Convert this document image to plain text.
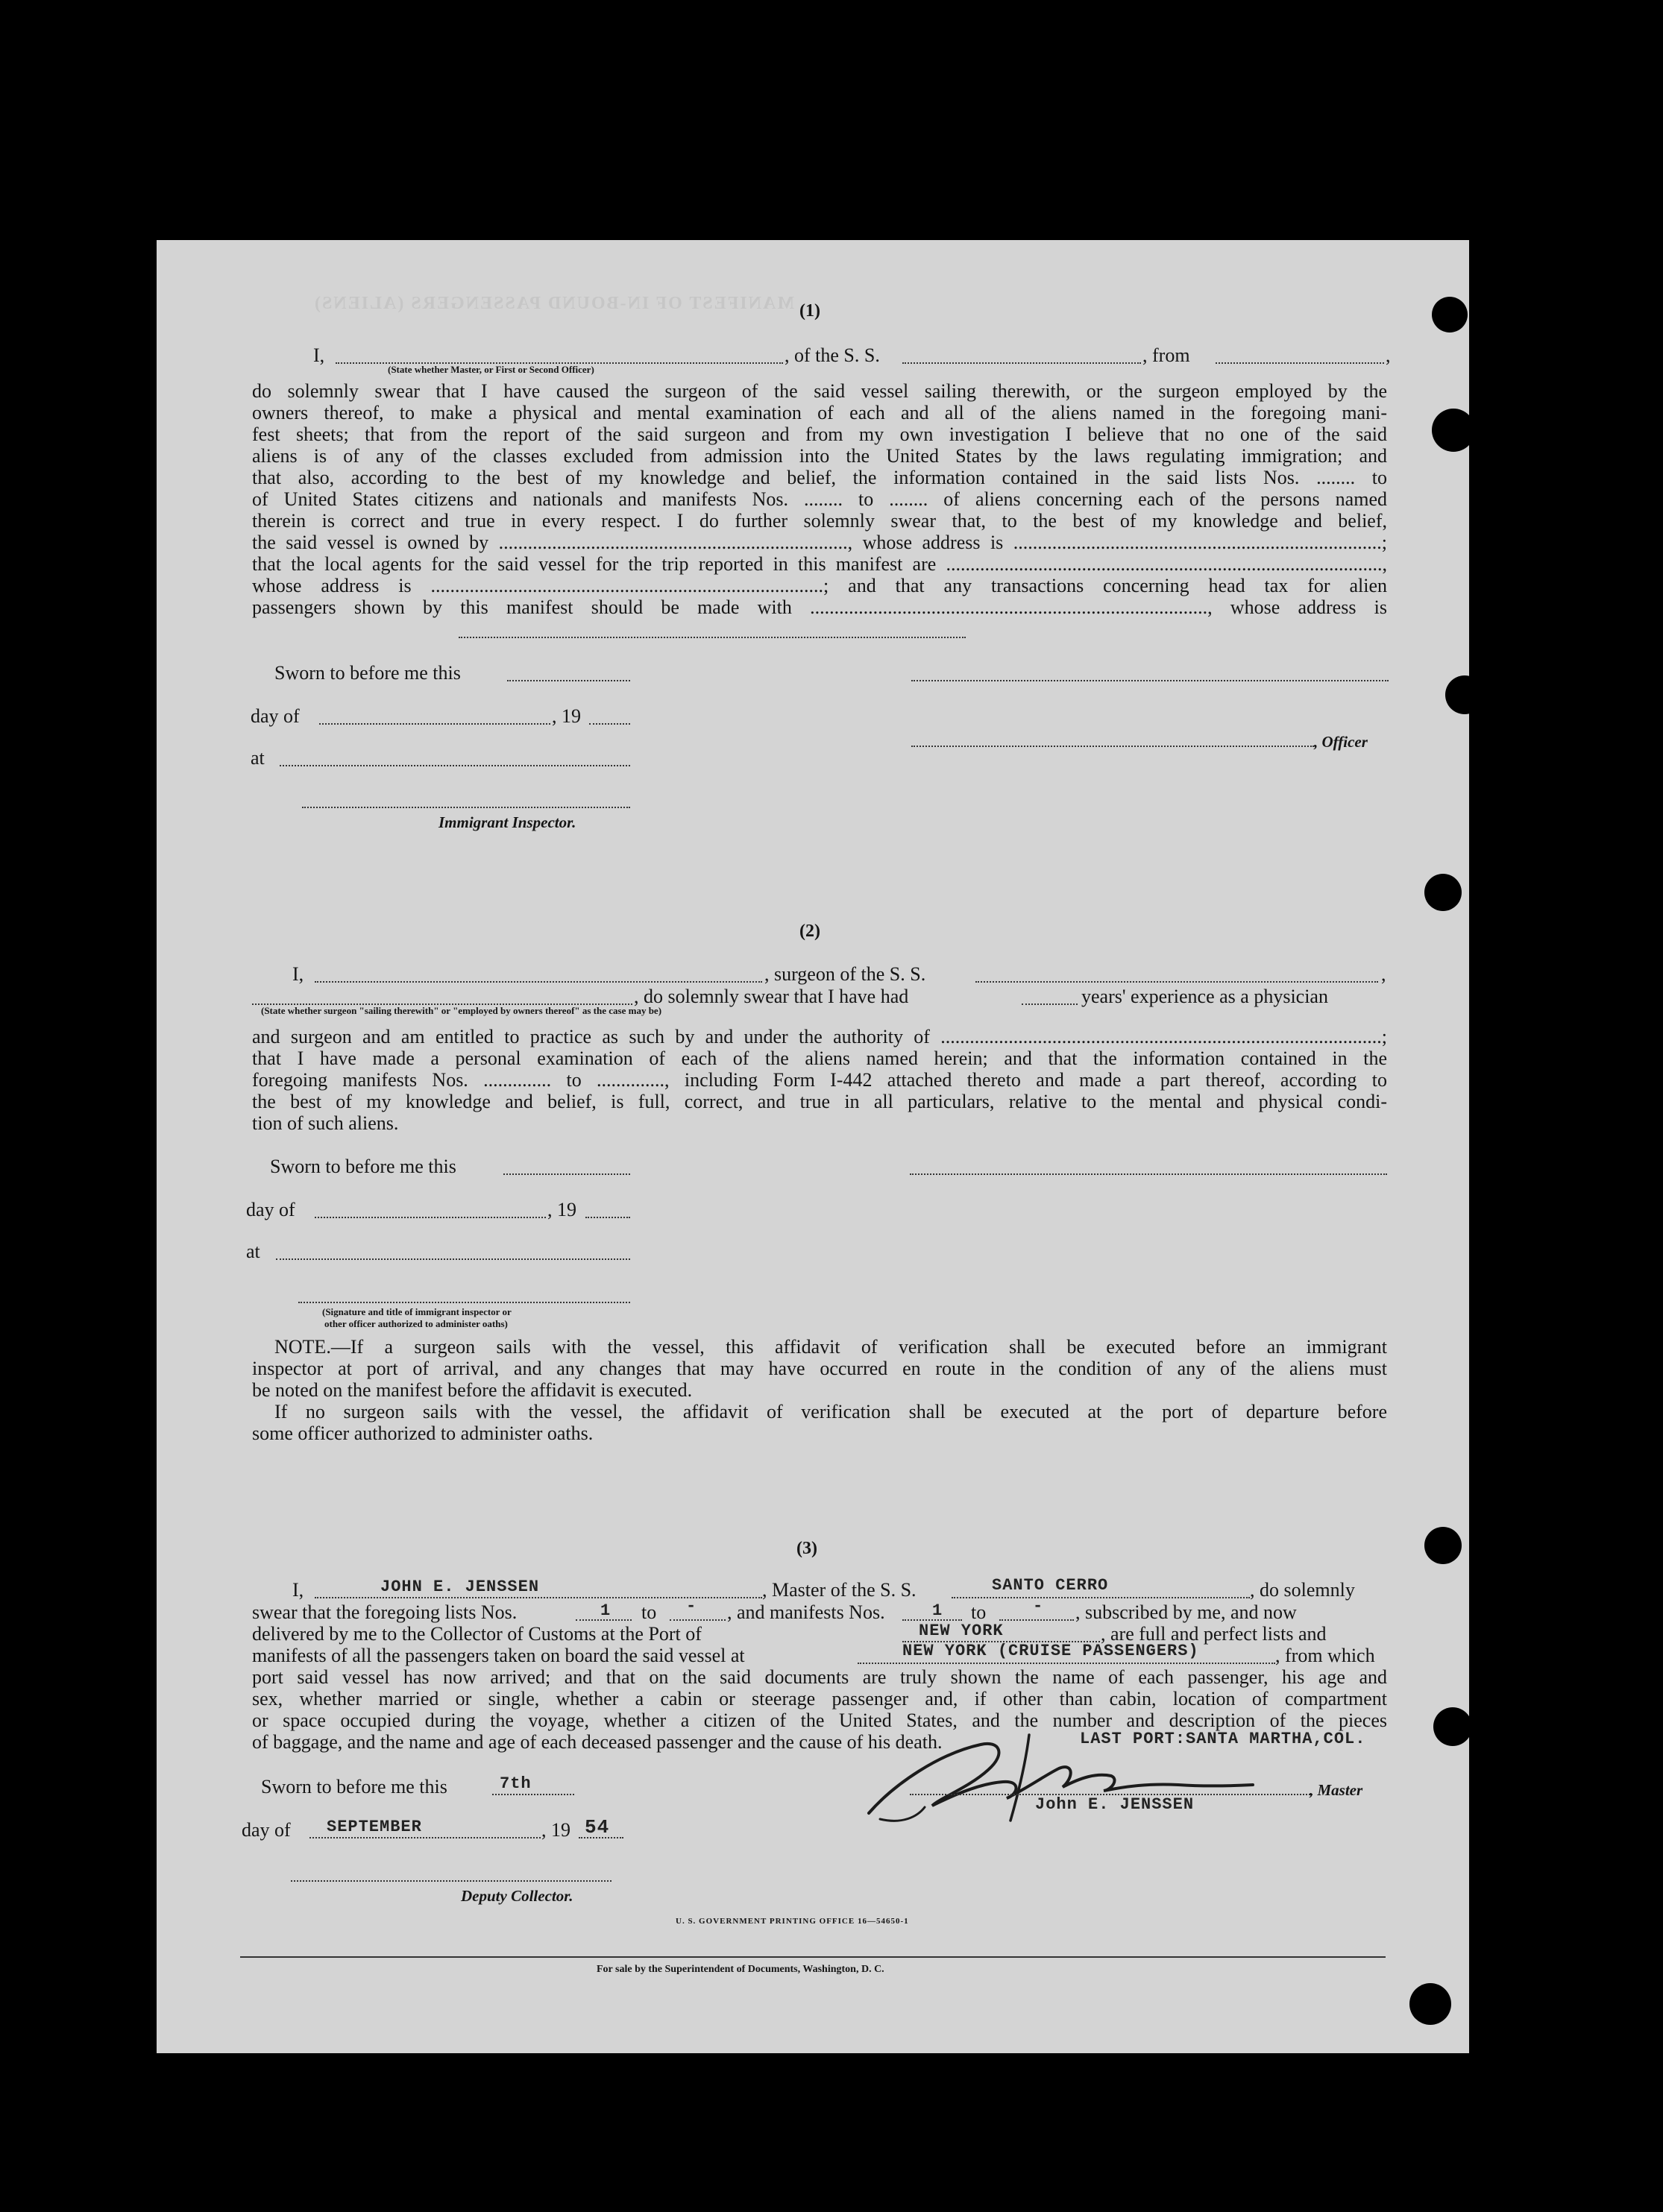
MANIFEST OF IN-BOUND PASSENGERS (ALIENS) (1)
I,	, of the S. S.	, from	,
(State whether Master, or First or Second Officer)
do solemnly swear that I have caused the surgeon of the said vessel sailing therewith, or the surgeon employed by the
owners thereof, to make a physical and mental examination of each and all of the aliens named in the foregoing mani-
fest sheets; that from the report of the said surgeon and from my own investigation I believe that no one of the said
aliens is of any of the classes excluded from admission into the United States by the laws regulating immigration; and
that also, according to the best of my knowledge and belief, the information contained in the said lists Nos. ........ to
of United States citizens and nationals and manifests Nos. ........ to ........ of aliens concerning each of the persons named
therein is correct and true in every respect. I do further solemnly swear that, to the best of my knowledge and belief,
the said vessel is owned by ........................................................................, whose address is ............................................................................;
that the local agents for the said vessel for the trip reported in this manifest are ..........................................................................................,
whose address is .................................................................................; and that any transactions concerning head tax for alien
passengers shown by this manifest should be made with .................................................................................., whose address is
Sworn to before me this
day of	, 19
, Officer
at
Immigrant Inspector.
(2)
I,	, surgeon of the S. S.	,
, do solemnly swear that I have had	years' experience as a physician
(State whether surgeon "sailing therewith" or "employed by owners thereof" as the case may be)
and surgeon and am entitled to practice as such by and under the authority of ...........................................................................................;
that I have made a personal examination of each of the aliens named herein; and that the information contained in the
foregoing manifests Nos. .............. to .............., including Form I-442 attached thereto and made a part thereof, according to
the best of my knowledge and belief, is full, correct, and true in all particulars, relative to the mental and physical condi-
tion of such aliens.
Sworn to before me this
day of	, 19
at
(Signature and title of immigrant inspector or
other officer authorized to administer oaths)
NOTE.—If a surgeon sails with the vessel, this affidavit of verification shall be executed before an immigrant
inspector at port of arrival, and any changes that may have occurred en route in the condition of any of the aliens must
be noted on the manifest before the affidavit is executed.
If no surgeon sails with the vessel, the affidavit of verification shall be executed at the port of departure before
some officer authorized to administer oaths.
(3)
I,	JOHN E. JENSSEN	, Master of the S. S.	SANTO CERRO	, do solemnly
swear that the foregoing lists Nos.	1 to - , and manifests Nos.	1 to	- , subscribed by me, and now
delivered by me to the Collector of Customs at the Port of	NEW YORK	, are full and perfect lists and
manifests of all the passengers taken on board the said vessel at	NEW YORK (CRUISE PASSENGERS)	, from which
port said vessel has now arrived; and that on the said documents are truly shown the name of each passenger, his age and
sex, whether married or single, whether a cabin or steerage passenger and, if other than cabin, location of compartment
or space occupied during the voyage, whether a citizen of the United States, and the number and description of the pieces
of baggage, and the name and age of each deceased passenger and the cause of his death.	LAST PORT:SANTA MARTHA,COL.
Sworn to before me this	7th	, Master
John E. JENSSEN
day of SEPTEMBER	, 19 54
Deputy Collector.
U. S. GOVERNMENT PRINTING OFFICE 16—54650-1
For sale by the Superintendent of Documents, Washington, D. C.
